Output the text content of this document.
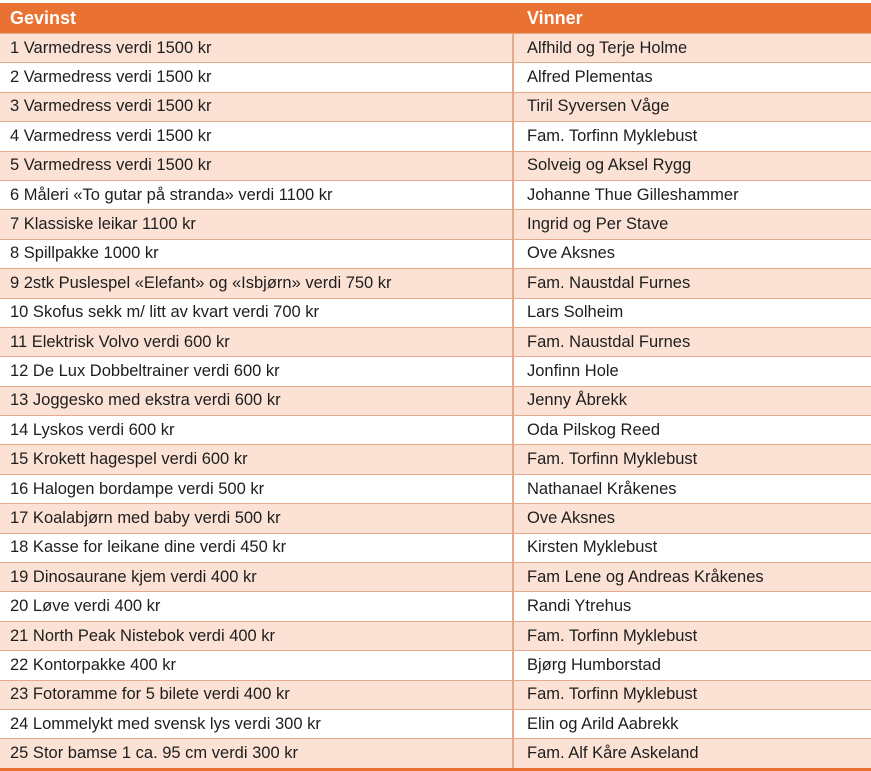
Gevinst	Vinner
1 Varmedress verdi 1500 kr	Alfhild og Terje Holme
2 Varmedress verdi 1500 kr	Alfred Plementas
3 Varmedress verdi 1500 kr	Tiril Syversen Våge
4 Varmedress verdi 1500 kr	Fam. Torfinn Myklebust
5 Varmedress verdi 1500 kr	Solveig og Aksel Rygg
6 Måleri «To gutar på stranda» verdi 1100 kr	Johanne Thue Gilleshammer
7 Klassiske leikar 1100 kr	Ingrid og Per Stave
8 Spillpakke 1000 kr	Ove Aksnes
9 2stk Puslespel «Elefant» og «Isbjørn» verdi 750 kr	Fam. Naustdal Furnes
10 Skofus sekk m/ litt av kvart verdi 700 kr	Lars Solheim
11 Elektrisk Volvo verdi 600 kr	Fam. Naustdal Furnes
12 De Lux Dobbeltrainer verdi 600 kr	Jonfinn Hole
13 Joggesko med ekstra verdi 600 kr	Jenny Åbrekk
14 Lyskos verdi 600 kr	Oda Pilskog Reed
15 Krokett hagespel verdi 600 kr	Fam. Torfinn Myklebust
16 Halogen bordampe verdi 500 kr	Nathanael Kråkenes
17 Koalabjørn med baby verdi 500 kr	Ove Aksnes
18 Kasse for leikane dine verdi 450 kr	Kirsten Myklebust
19 Dinosaurane kjem verdi 400 kr	Fam Lene og Andreas Kråkenes
20 Løve verdi 400 kr	Randi Ytrehus
21 North Peak Nistebok verdi 400 kr	Fam. Torfinn Myklebust
22 Kontorpakke 400 kr	Bjørg Humborstad
23 Fotoramme for 5 bilete verdi 400 kr	Fam. Torfinn Myklebust
24 Lommelykt med svensk lys verdi 300 kr	Elin og Arild Aabrekk
25 Stor bamse 1 ca. 95 cm verdi 300 kr	Fam. Alf Kåre Askeland
